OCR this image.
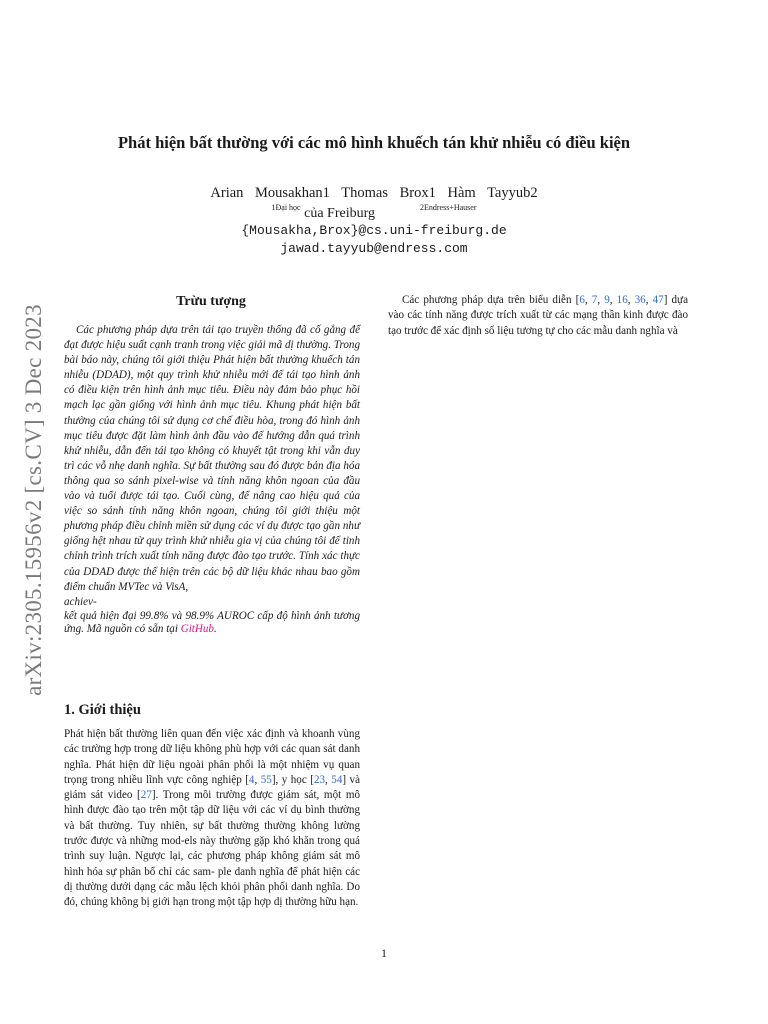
arXiv:2305.15956v2 [cs.CV] 3 Dec 2023
Phát hiện bất thường với các mô hình khuếch tán khử nhiễu có điều kiện
Arian Mousakhan1 Thomas Brox1 Hàm Tayyub2
$^{1Đại học}$ của Freiburg	$^{2Endress+Hauser}$
{Mousakha,Brox}@cs.uni-freiburg.de
jawad.tayyub@endress.com
Trừu tượng

Các phương pháp dựa trên tái tạo truyền thống đã cố gắng để đạt được hiệu suất cạnh tranh trong việc giải mã dị thường. Trong bài báo này, chúng tôi giới thiệu Phát hiện bất thường khuếch tán nhiễu (DDAD), một quy trình khử nhiễu mới để tái tạo hình ảnh có điều kiện trên hình ảnh mục tiêu. Điều này đảm bảo phục hồi mạch lạc gần giống với hình ảnh mục tiêu. Khung phát hiện bất thường của chúng tôi sử dụng cơ chế điều hòa, trong đó hình ảnh mục tiêu được đặt làm hình ảnh đầu vào để hướng dẫn quá trình khử nhiễu, dẫn đến tái tạo không có khuyết tật trong khi vẫn duy trì các vỗ nhẹ danh nghĩa. Sự bất thường sau đó được bản địa hóa thông qua so sánh pixel-wise và tính năng khôn ngoan của đầu vào và tuổi được tái tạo. Cuối cùng, để nâng cao hiệu quả của việc so sánh tính năng khôn ngoan, chúng tôi giới thiệu một phương pháp điều chỉnh miền sử dụng các ví dụ được tạo gần như giống hệt nhau từ quy trình khử nhiễu gia vị của chúng tôi để tinh chỉnh trình trích xuất tính năng được đào tạo trước. Tính xác thực của DDAD được thể hiện trên các bộ dữ liệu khác nhau bao gồm điểm chuẩn MVTec và VisA,
achiev-
kết quả hiện đại 99.8% và 98.9% AUROC cấp độ hình ảnh tương ứng. Mã nguồn có sẵn tại GitHub.

1. Giới thiệu

Phát hiện bất thường liên quan đến việc xác định và khoanh vùng các trường hợp trong dữ liệu không phù hợp với các quan sát danh nghĩa. Phát hiện dữ liệu ngoài phân phối là một nhiệm vụ quan trọng trong nhiều lĩnh vực công nghiệp [4, 55], y học [23, 54] và giám sát video [27]. Trong môi trường được giám sát, một mô hình được đào tạo trên một tập dữ liệu với các ví dụ bình thường và bất thường. Tuy nhiên, sự bất thường thường không lường trước được và những mod-els này thường gặp khó khăn trong quá trình suy luận. Ngược lại, các phương pháp không giám sát mô hình hóa sự phân bổ chỉ các sam- ple danh nghĩa để phát hiện các dị thường dưới dạng các mẫu lệch khỏi phân phối danh nghĩa. Do đó, chúng không bị giới hạn trong một tập hợp dị thường hữu hạn.

Các phương pháp dựa trên biểu diễn [6, 7, 9, 16, 36, 47] dựa vào các tính năng được trích xuất từ các mạng thần kinh được đào tạo trước để xác định số liệu tương tự cho các mẫu danh nghĩa và

1
